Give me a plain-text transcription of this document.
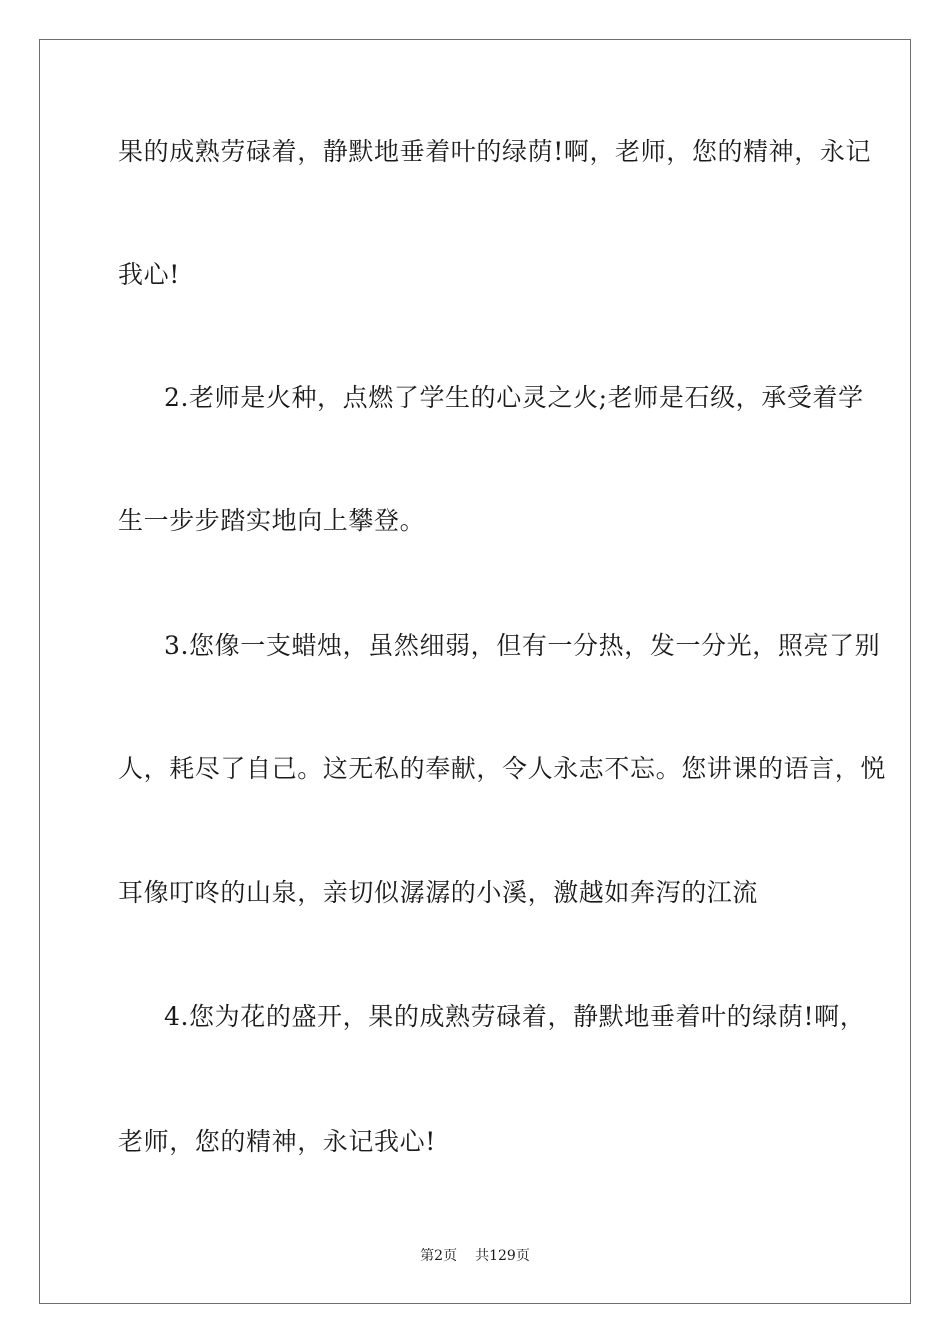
果的成熟劳碌着，静默地垂着叶的绿荫!啊，老师，您的精神，永记
我心!
2.老师是火种，点燃了学生的心灵之火;老师是石级，承受着学
生一步步踏实地向上攀登。
3.您像一支蜡烛，虽然细弱，但有一分热，发一分光，照亮了别
人，耗尽了自己。这无私的奉献，令人永志不忘。您讲课的语言，悦
耳像叮咚的山泉，亲切似潺潺的小溪，激越如奔泻的江流
4.您为花的盛开，果的成熟劳碌着，静默地垂着叶的绿荫!啊，
老师，您的精神，永记我心!
第2页 共129页
